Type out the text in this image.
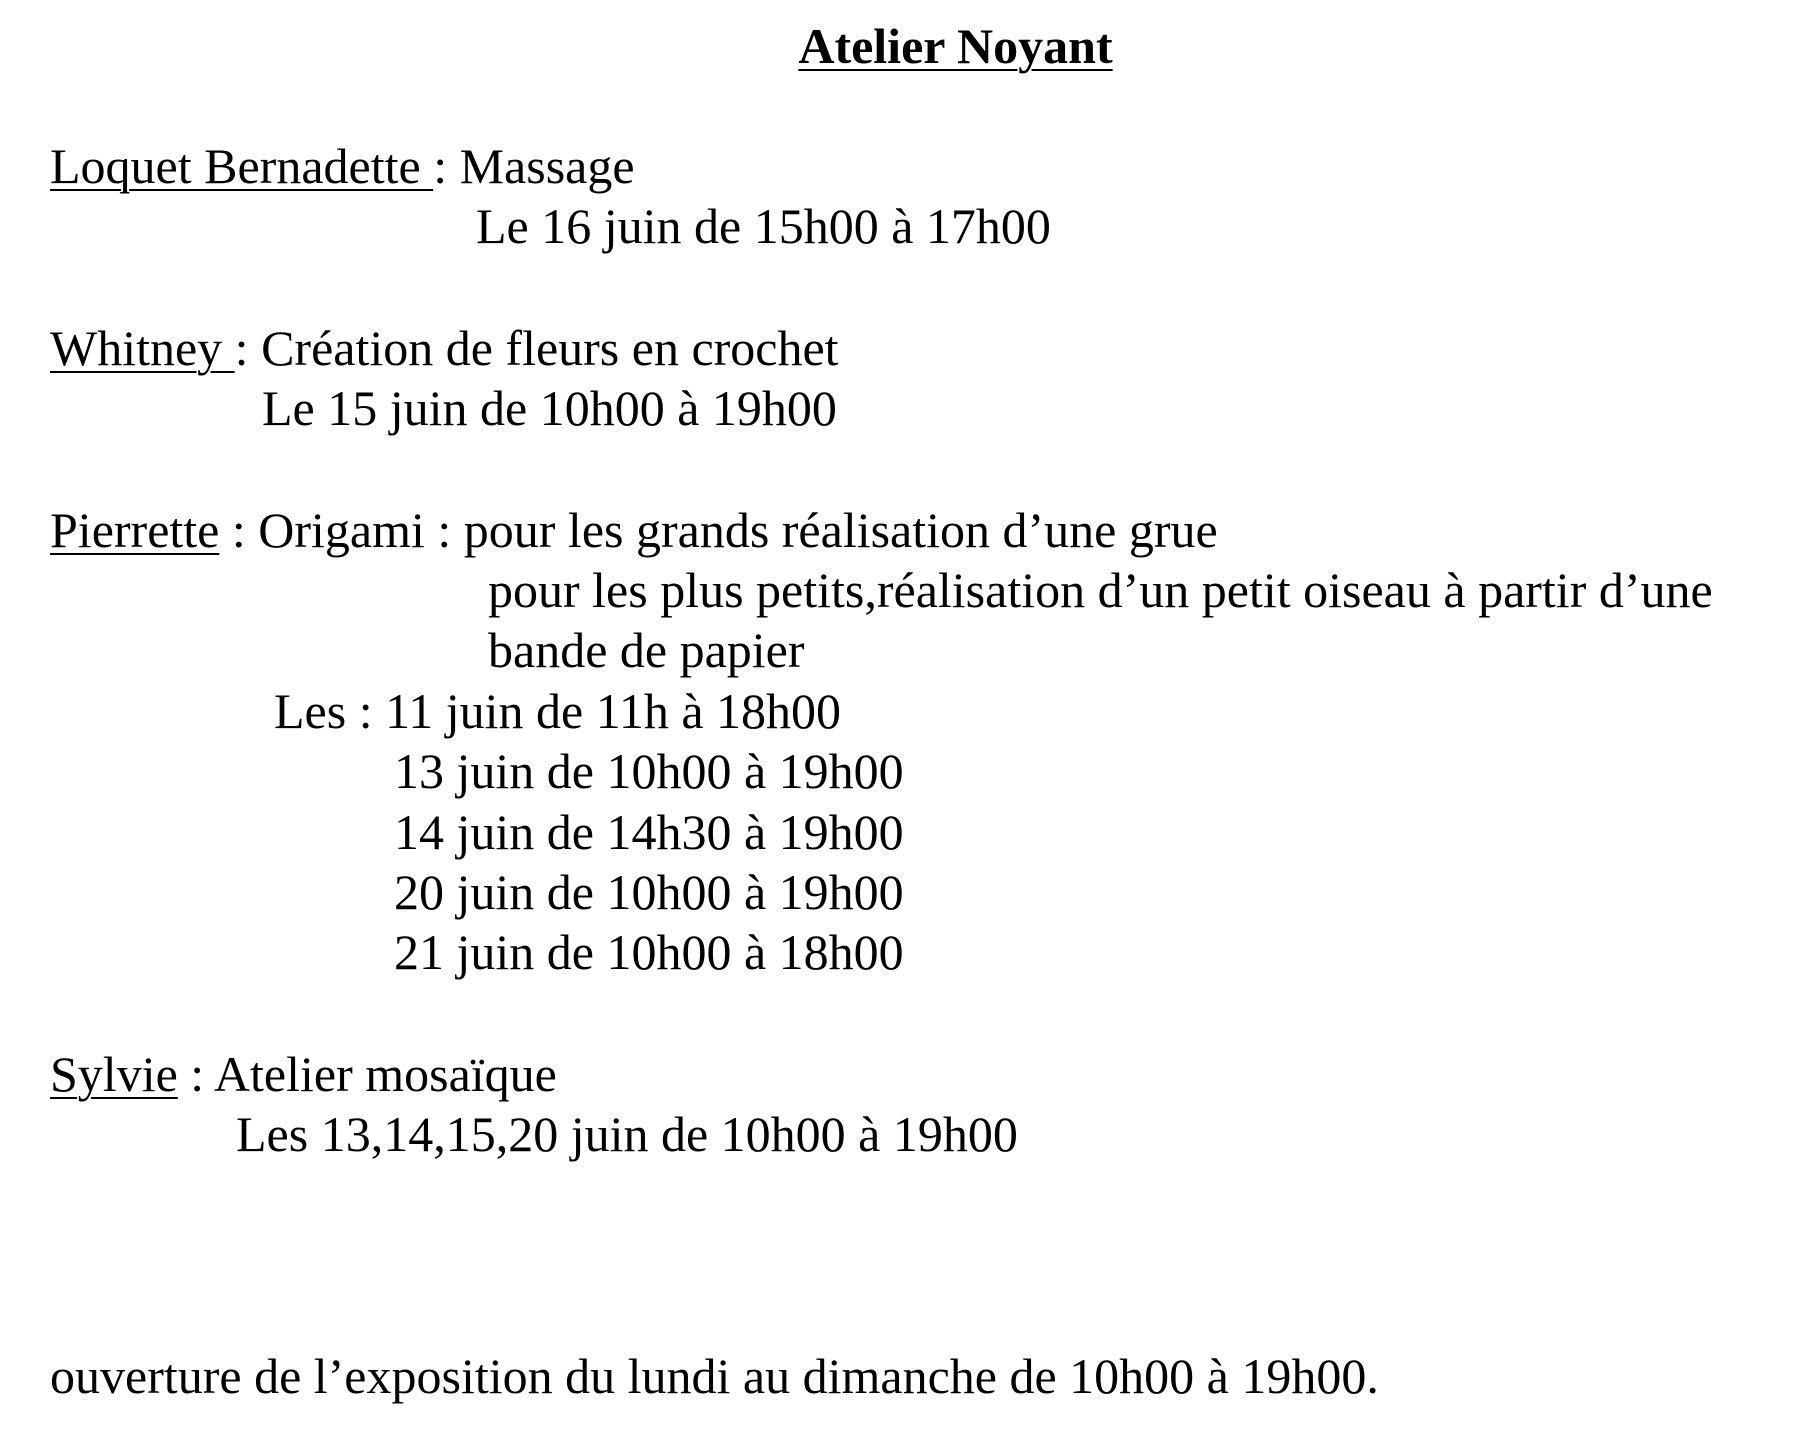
Atelier Noyant
Loquet Bernadette : Massage
Le 16 juin de 15h00 à 17h00
Whitney : Création de fleurs en crochet
Le 15 juin de 10h00 à 19h00
Pierrette : Origami : pour les grands réalisation d’une grue
pour les plus petits,réalisation d’un petit oiseau à partir d’une
bande de papier
Les : 11 juin de 11h à 18h00
13 juin de 10h00 à 19h00
14 juin de 14h30 à 19h00
20 juin de 10h00 à 19h00
21 juin de 10h00 à 18h00
Sylvie : Atelier mosaïque
Les 13,14,15,20 juin de 10h00 à 19h00
ouverture de l’exposition du lundi au dimanche de 10h00 à 19h00.
